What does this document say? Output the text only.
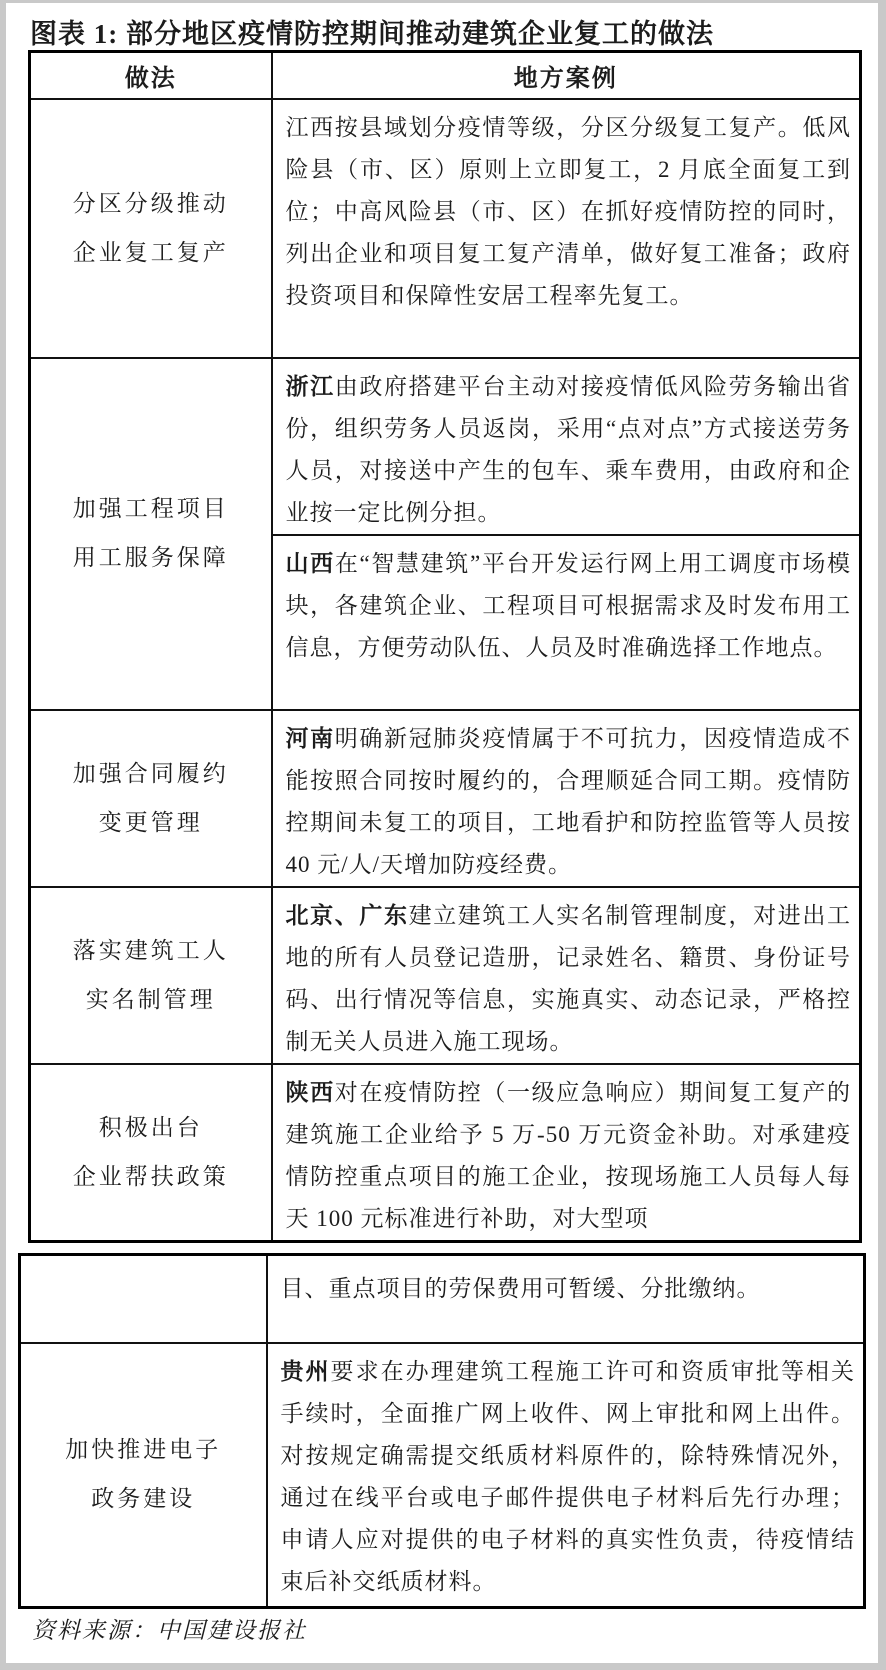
图表 1: 部分地区疫情防控期间推动建筑企业复工的做法
做法	地方案例

分区分级推动
企业复工复产	江西按县域划分疫情等级，分区分级复工复产。低风险县（市、区）原则上立即复工，2 月底全面复工到位；中高风险县（市、区）在抓好疫情防控的同时，列出企业和项目复工复产清单，做好复工准备；政府投资项目和保障性安居工程率先复工。

加强工程项目
用工服务保障	浙江由政府搭建平台主动对接疫情低风险劳务输出省份，组织劳务人员返岗，采用“点对点”方式接送劳务人员，对接送中产生的包车、乘车费用，由政府和企业按一定比例分担。
	山西在“智慧建筑”平台开发运行网上用工调度市场模块，各建筑企业、工程项目可根据需求及时发布用工信息，方便劳动队伍、人员及时准确选择工作地点。

加强合同履约
变更管理	河南明确新冠肺炎疫情属于不可抗力，因疫情造成不能按照合同按时履约的，合理顺延合同工期。疫情防控期间未复工的项目，工地看护和防控监管等人员按 40 元/人/天增加防疫经费。

落实建筑工人
实名制管理	北京、广东建立建筑工人实名制管理制度，对进出工地的所有人员登记造册，记录姓名、籍贯、身份证号码、出行情况等信息，实施真实、动态记录，严格控制无关人员进入施工现场。

积极出台
企业帮扶政策	陕西对在疫情防控（一级应急响应）期间复工复产的建筑施工企业给予 5 万-50 万元资金补助。对承建疫情防控重点项目的施工企业，按现场施工人员每人每天 100 元标准进行补助，对大型项
	目、重点项目的劳保费用可暂缓、分批缴纳。

加快推进电子
政务建设	贵州要求在办理建筑工程施工许可和资质审批等相关手续时，全面推广网上收件、网上审批和网上出件。对按规定确需提交纸质材料原件的，除特殊情况外，通过在线平台或电子邮件提供电子材料后先行办理；申请人应对提供的电子材料的真实性负责，待疫情结束后补交纸质材料。
资料来源：中国建设报社
